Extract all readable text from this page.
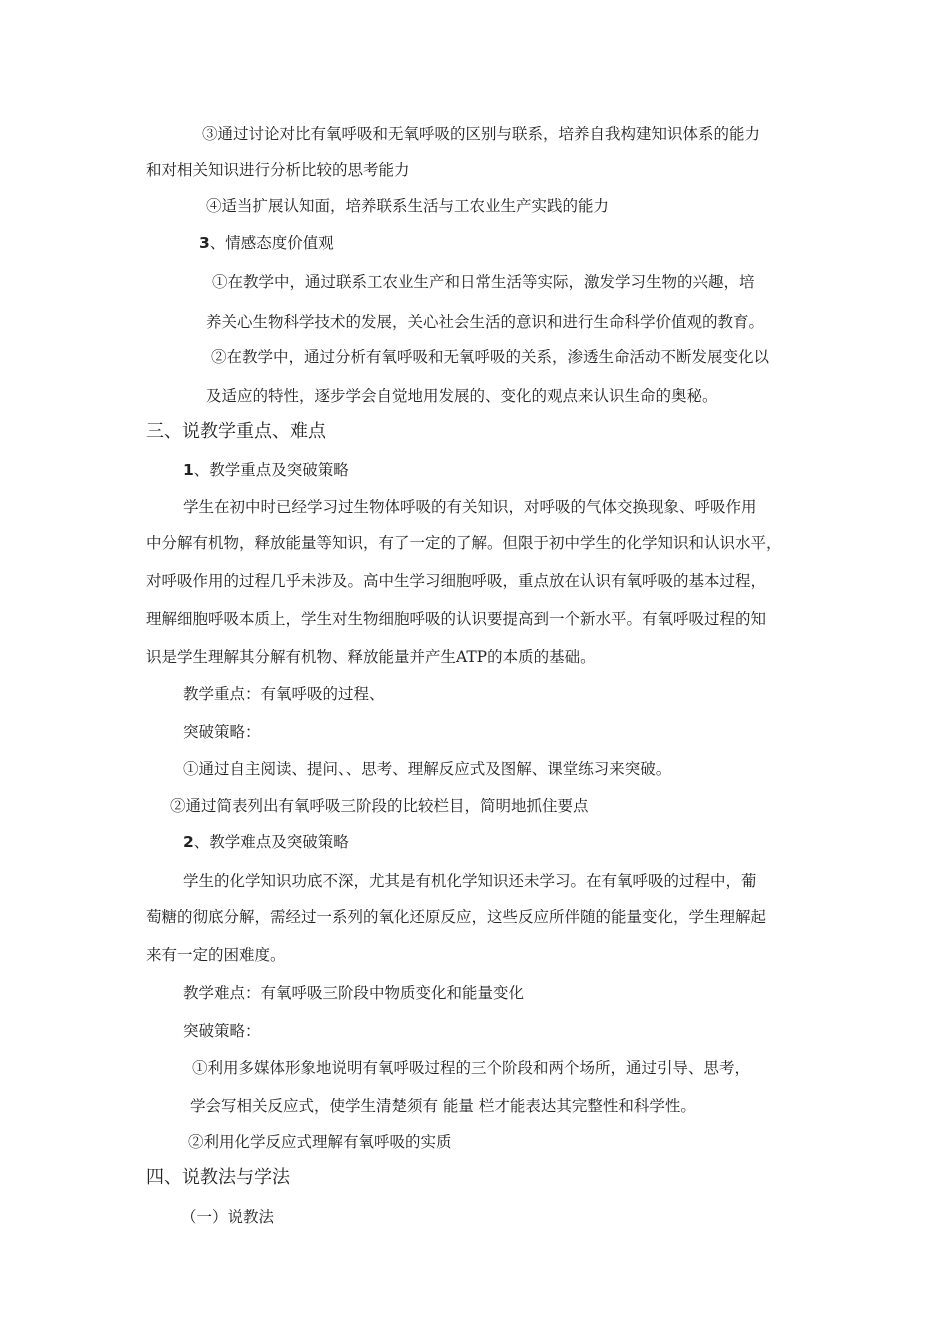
③通过讨论对比有氧呼吸和无氧呼吸的区别与联系，培养自我构建知识体系的能力
和对相关知识进行分析比较的思考能力
④适当扩展认知面，培养联系生活与工农业生产实践的能力
3、情感态度价值观
①在教学中，通过联系工农业生产和日常生活等实际，激发学习生物的兴趣，培
养关心生物科学技术的发展，关心社会生活的意识和进行生命科学价值观的教育。
②在教学中，通过分析有氧呼吸和无氧呼吸的关系，渗透生命活动不断发展变化以
及适应的特性，逐步学会自觉地用发展的、变化的观点来认识生命的奥秘。
三、说教学重点、难点
1、教学重点及突破策略
学生在初中时已经学习过生物体呼吸的有关知识，对呼吸的气体交换现象、呼吸作用
中分解有机物，释放能量等知识，有了一定的了解。但限于初中学生的化学知识和认识水平，
对呼吸作用的过程几乎未涉及。高中生学习细胞呼吸，重点放在认识有氧呼吸的基本过程，
理解细胞呼吸本质上，学生对生物细胞呼吸的认识要提高到一个新水平。有氧呼吸过程的知
识是学生理解其分解有机物、释放能量并产生ATP的本质的基础。
教学重点：有氧呼吸的过程、
突破策略：
①通过自主阅读、提问、、思考、理解反应式及图解、课堂练习来突破。
②通过简表列出有氧呼吸三阶段的比较栏目，简明地抓住要点
2、教学难点及突破策略
学生的化学知识功底不深，尤其是有机化学知识还未学习。在有氧呼吸的过程中，葡
萄糖的彻底分解，需经过一系列的氧化还原反应，这些反应所伴随的能量变化，学生理解起
来有一定的困难度。
教学难点：有氧呼吸三阶段中物质变化和能量变化
突破策略：
①利用多媒体形象地说明有氧呼吸过程的三个阶段和两个场所，通过引导、思考，
学会写相关反应式，使学生清楚须有 能量 栏才能表达其完整性和科学性。
②利用化学反应式理解有氧呼吸的实质
四、说教法与学法
（一）说教法
